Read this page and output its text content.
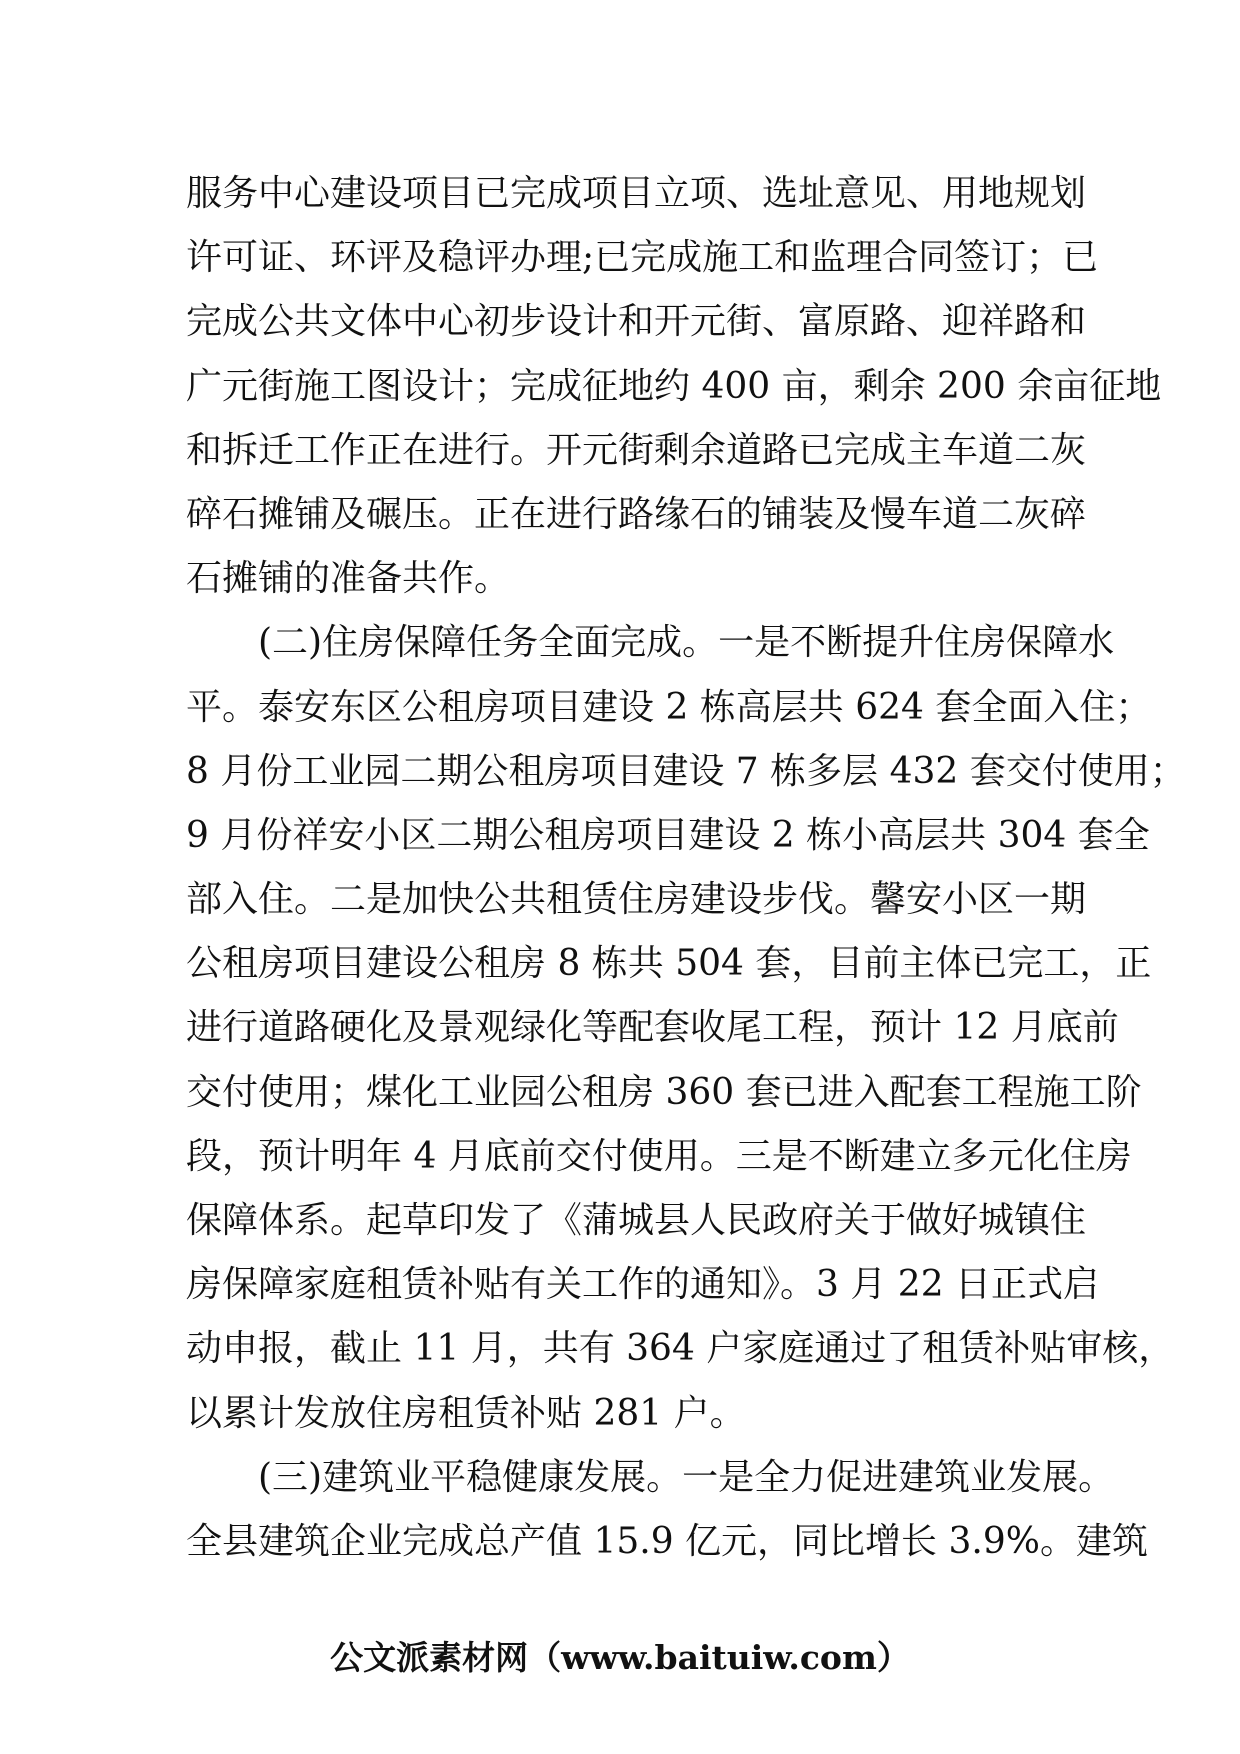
服务中心建设项目已完成项目立项、选址意见、用地规划
许可证、环评及稳评办理;已完成施工和监理合同签订；已
完成公共文体中心初步设计和开元街、富原路、迎祥路和
广元街施工图设计；完成征地约 400 亩，剩余 200 余亩征地
和拆迁工作正在进行。开元街剩余道路已完成主车道二灰
碎石摊铺及碾压。正在进行路缘石的铺装及慢车道二灰碎
石摊铺的准备共作。
　　(二)住房保障任务全面完成。一是不断提升住房保障水
平。泰安东区公租房项目建设 2 栋高层共 624 套全面入住；
8 月份工业园二期公租房项目建设 7 栋多层 432 套交付使用；
9 月份祥安小区二期公租房项目建设 2 栋小高层共 304 套全
部入住。二是加快公共租赁住房建设步伐。馨安小区一期
公租房项目建设公租房 8 栋共 504 套，目前主体已完工，正
进行道路硬化及景观绿化等配套收尾工程，预计 12 月底前
交付使用；煤化工业园公租房 360 套已进入配套工程施工阶
段，预计明年 4 月底前交付使用。三是不断建立多元化住房
保障体系。起草印发了《蒲城县人民政府关于做好城镇住
房保障家庭租赁补贴有关工作的通知》。3 月 22 日正式启
动申报，截止 11 月，共有 364 户家庭通过了租赁补贴审核，
以累计发放住房租赁补贴 281 户。
　　(三)建筑业平稳健康发展。一是全力促进建筑业发展。
全县建筑企业完成总产值 15.9 亿元，同比增长 3.9%。建筑
公文派素材网（www.baituiw.com）
